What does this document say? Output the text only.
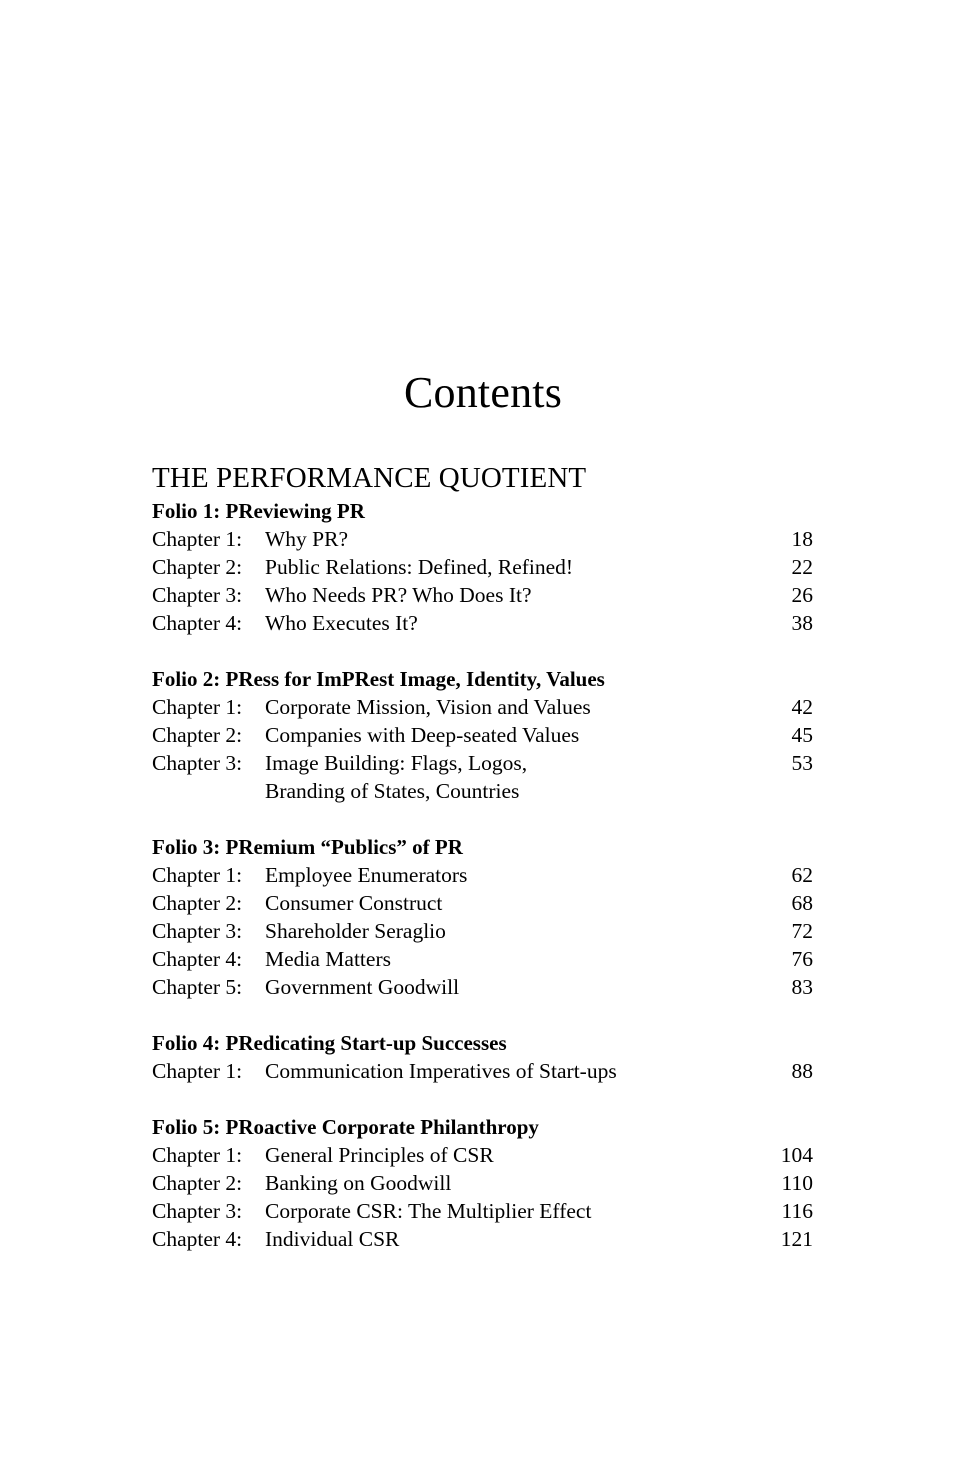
Contents
THE PERFORMANCE QUOTIENT
Folio 1: PReviewing PR
Chapter 1:	Why PR?	18
Chapter 2:	Public Relations: Defined, Refined!	22
Chapter 3:	Who Needs PR? Who Does It?	26
Chapter 4:	Who Executes It?	38
Folio 2: PRess for ImPRest Image, Identity, Values
Chapter 1:	Corporate Mission, Vision and Values	42
Chapter 2:	Companies with Deep-seated Values	45
Chapter 3:	Image Building: Flags, Logos,	53
Branding of States, Countries
Folio 3: PRemium “Publics” of PR
Chapter 1:	Employee Enumerators	62
Chapter 2:	Consumer Construct	68
Chapter 3:	Shareholder Seraglio	72
Chapter 4:	Media Matters	76
Chapter 5:	Government Goodwill	83
Folio 4: PRedicating Start-up Successes
Chapter 1:	Communication Imperatives of Start-ups	88
Folio 5: PRoactive Corporate Philanthropy
Chapter 1:	General Principles of CSR	104
Chapter 2:	Banking on Goodwill	110
Chapter 3:	Corporate CSR: The Multiplier Effect	116
Chapter 4:	Individual CSR	121
